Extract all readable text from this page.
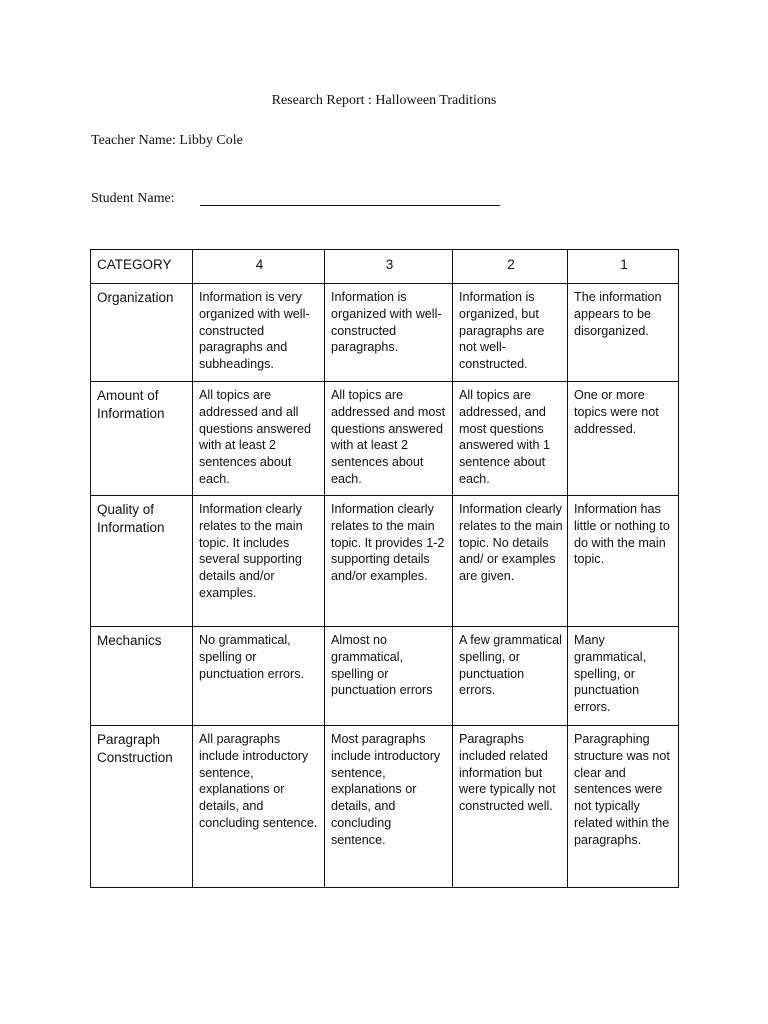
Research Report : Halloween Traditions
Teacher Name: Libby Cole
Student Name:
CATEGORY	4	3	2	1
Organization	Information is very organized with well-constructed paragraphs and subheadings.	Information is organized with well-constructed paragraphs.	Information is organized, but paragraphs are not well-constructed.	The information appears to be disorganized.
Amount of Information	All topics are addressed and all questions answered with at least 2 sentences about each.	All topics are addressed and most questions answered with at least 2 sentences about each.	All topics are addressed, and most questions answered with 1 sentence about each.	One or more topics were not addressed.
Quality of Information	Information clearly relates to the main topic. It includes several supporting details and/or examples.	Information clearly relates to the main topic. It provides 1-2 supporting details and/or examples.	Information clearly relates to the main topic. No details and/ or examples are given.	Information has little or nothing to do with the main topic.
Mechanics	No grammatical, spelling or punctuation errors.	Almost no grammatical, spelling or punctuation errors	A few grammatical spelling, or punctuation errors.	Many grammatical, spelling, or punctuation errors.
Paragraph Construction	All paragraphs include introductory sentence, explanations or details, and concluding sentence.	Most paragraphs include introductory sentence, explanations or details, and concluding sentence.	Paragraphs included related information but were typically not constructed well.	Paragraphing structure was not clear and sentences were not typically related within the paragraphs.
